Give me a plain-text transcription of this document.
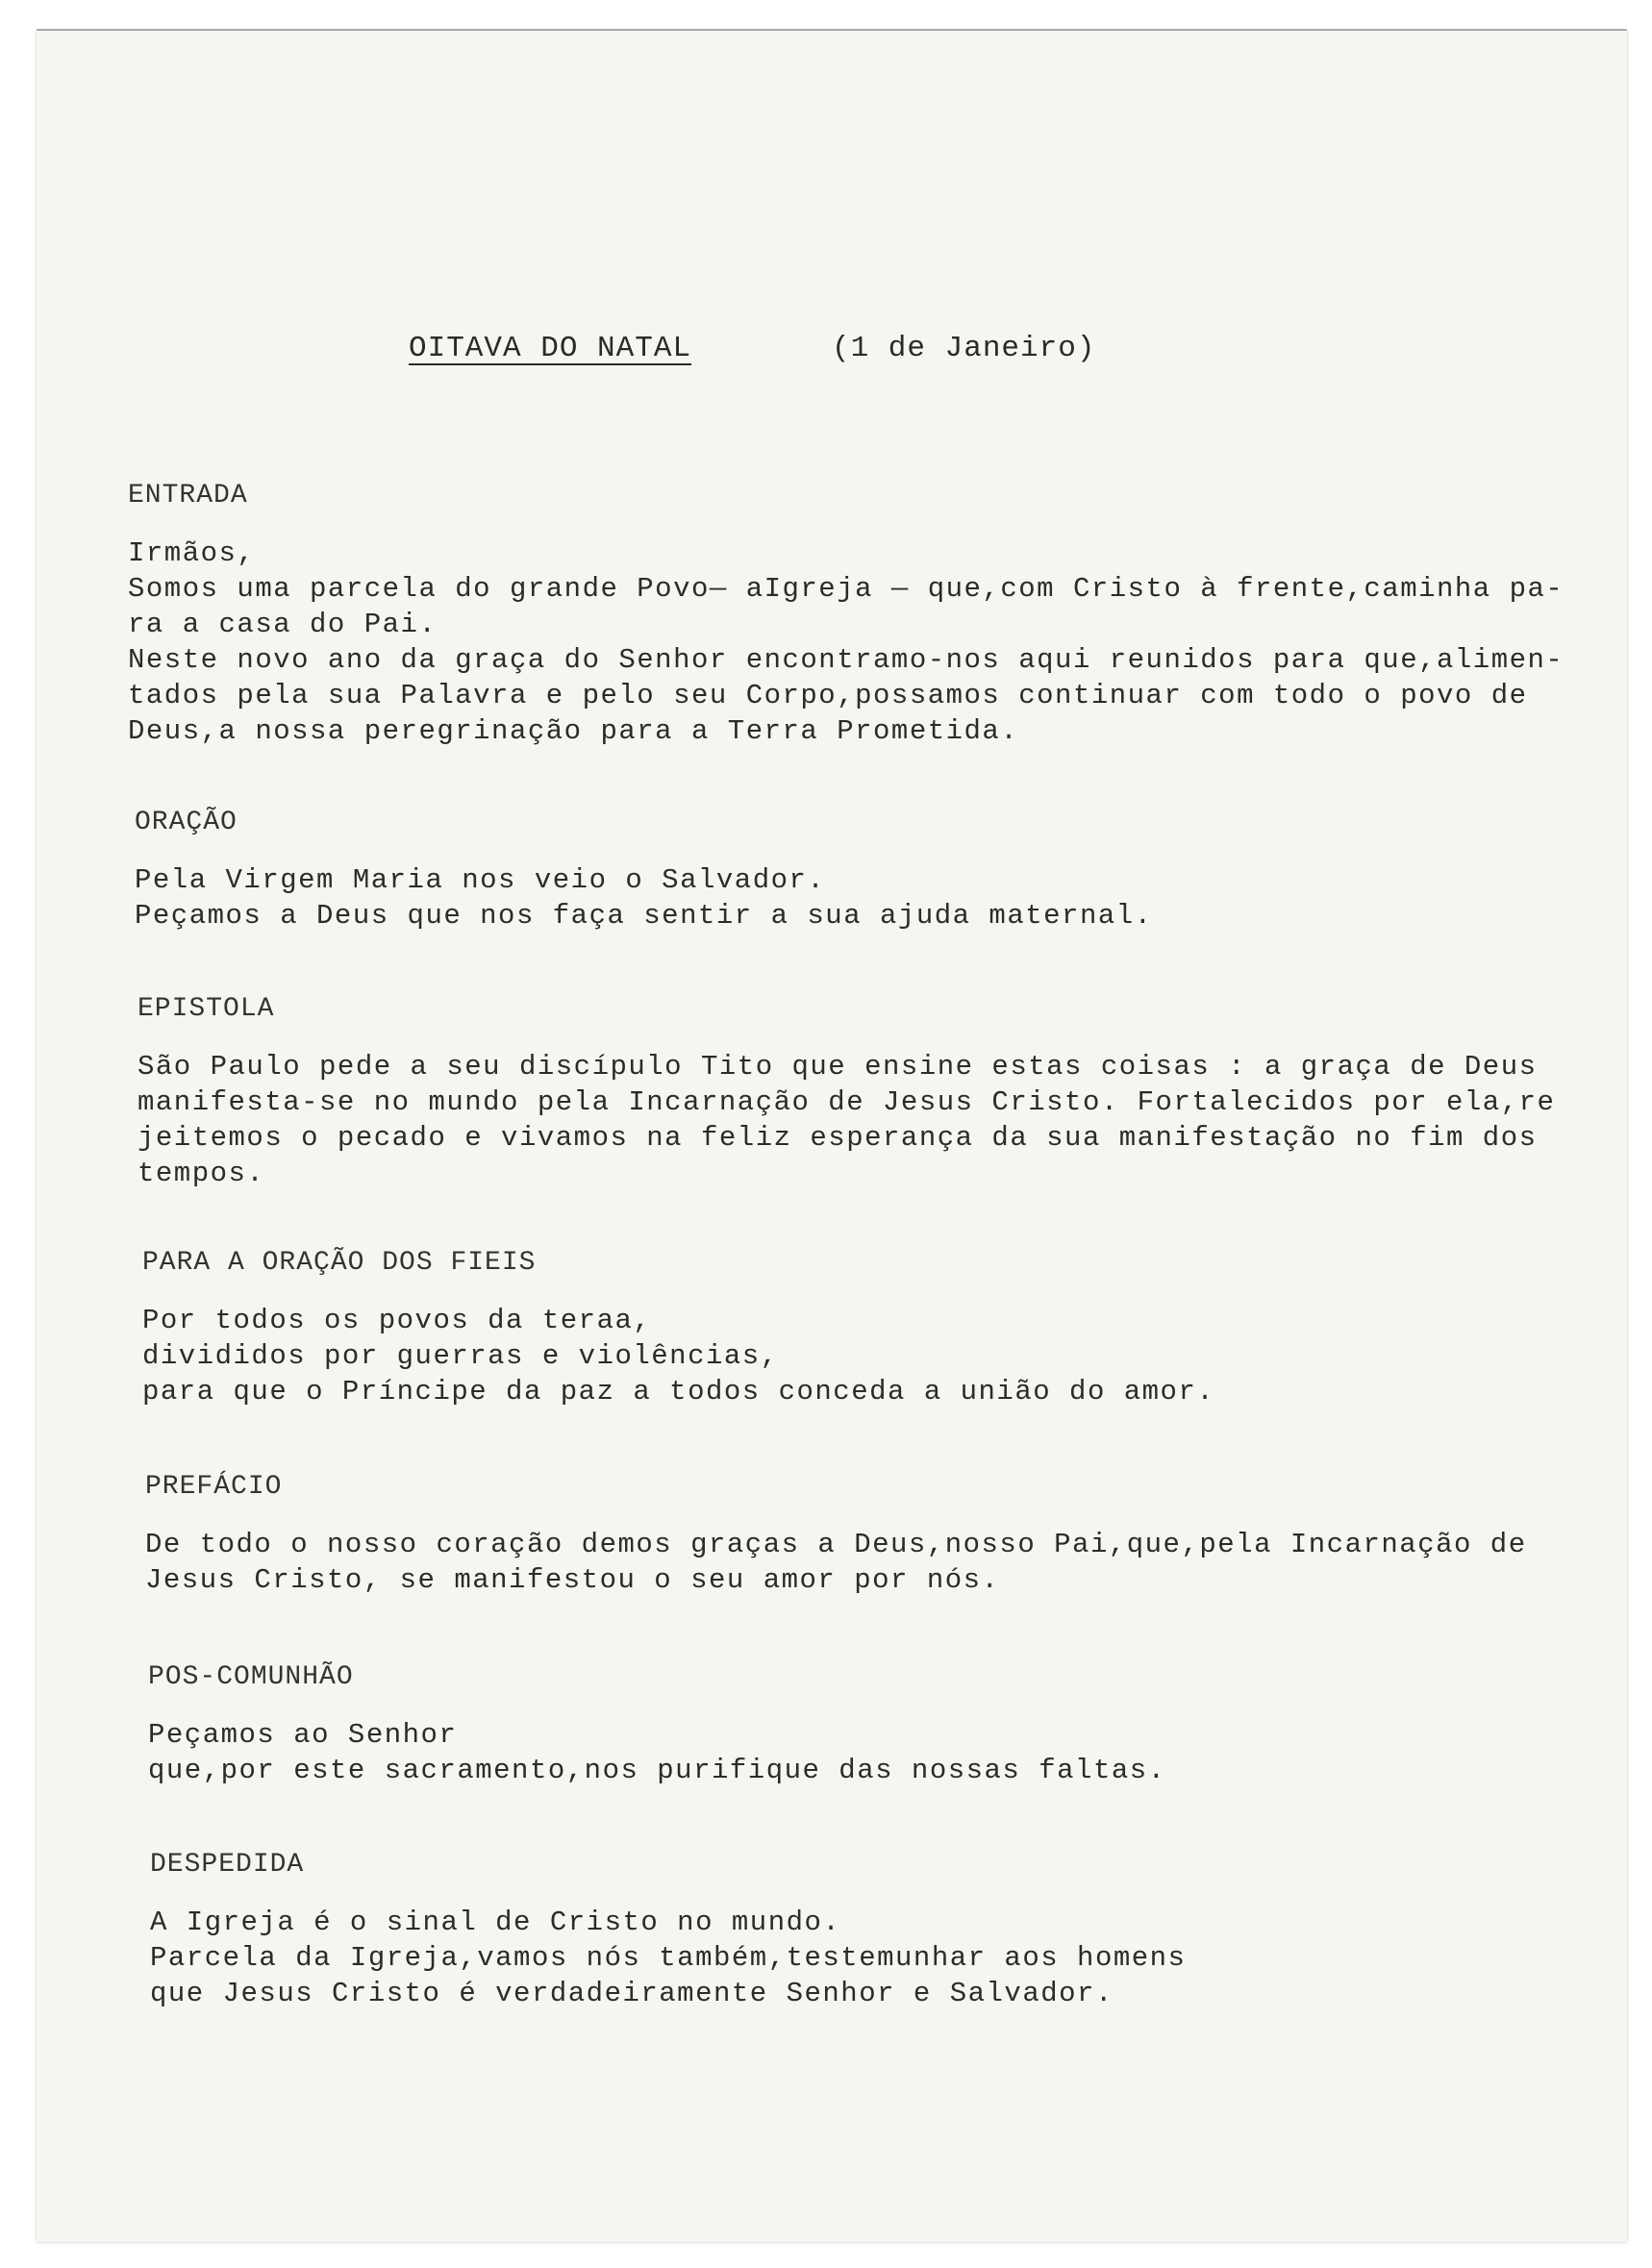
OITAVA DO NATAL	(1 de Janeiro)
ENTRADA
Irmãos,
Somos uma parcela do grande Povo— aIgreja — que,com Cristo à frente,caminha pa-
ra a casa do Pai.
Neste novo ano da graça do Senhor encontramo-nos aqui reunidos para que,alimen-
tados pela sua Palavra e pelo seu Corpo,possamos continuar com todo o povo de
Deus,a nossa peregrinação para a Terra Prometida.
ORAÇÃO
Pela Virgem Maria nos veio o Salvador.
Peçamos a Deus que nos faça sentir a sua ajuda maternal.
EPISTOLA
São Paulo pede a seu discípulo Tito que ensine estas coisas : a graça de Deus
manifesta-se no mundo pela Incarnação de Jesus Cristo. Fortalecidos por ela,re
jeitemos o pecado e vivamos na feliz esperança da sua manifestação no fim dos
tempos.
PARA A ORAÇÃO DOS FIEIS
Por todos os povos da teraa,
divididos por guerras e violências,
para que o Príncipe da paz a todos conceda a união do amor.
PREFÁCIO
De todo o nosso coração demos graças a Deus,nosso Pai,que,pela Incarnação de
Jesus Cristo, se manifestou o seu amor por nós.
POS-COMUNHÃO
Peçamos ao Senhor
que,por este sacramento,nos purifique das nossas faltas.
DESPEDIDA
A Igreja é o sinal de Cristo no mundo.
Parcela da Igreja,vamos nós também,testemunhar aos homens
que Jesus Cristo é verdadeiramente Senhor e Salvador.
